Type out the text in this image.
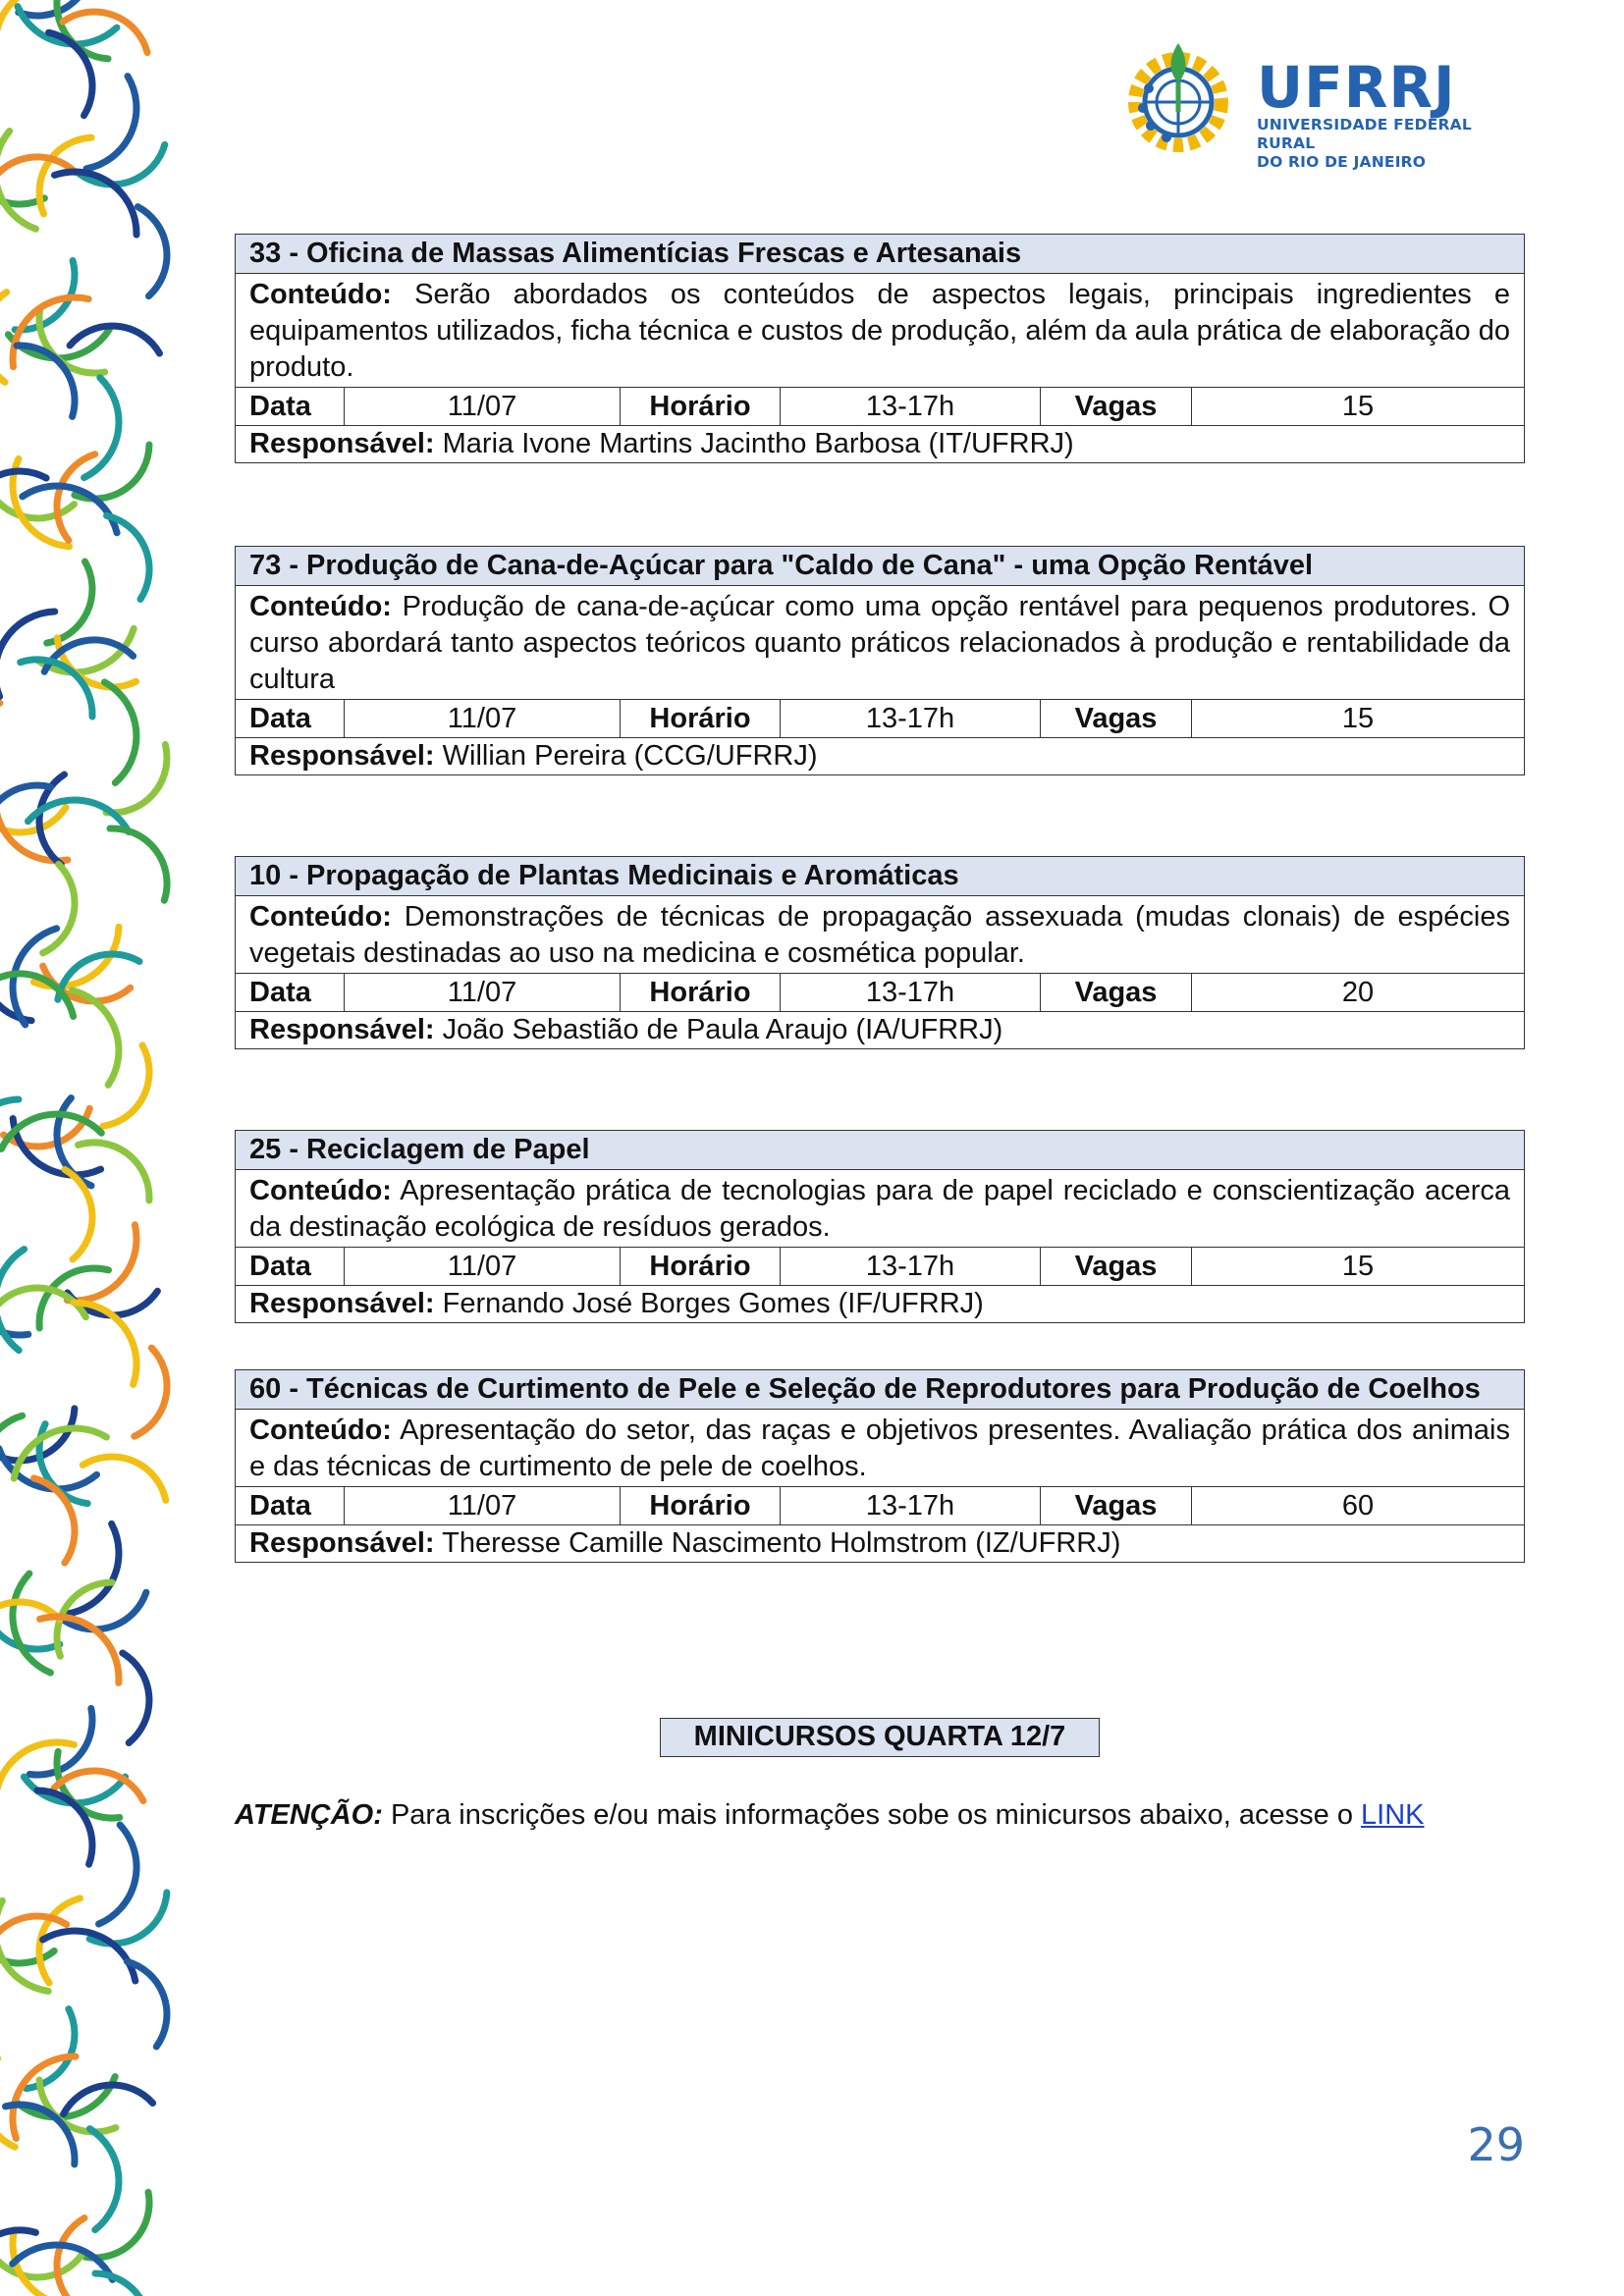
UFRRJ
UNIVERSIDADE FEDERAL RURAL
DO RIO DE JANEIRO
33 - Oficina de Massas Alimentícias Frescas e Artesanais
Conteúdo: Serão abordados os conteúdos de aspectos legais, principais ingredientes e equipamentos utilizados, ficha técnica e custos de produção, além da aula prática de elaboração do produto.
Data	11/07	Horário	13-17h	Vagas	15
Responsável: Maria Ivone Martins Jacintho Barbosa (IT/UFRRJ)
73 - Produção de Cana-de-Açúcar para "Caldo de Cana" - uma Opção Rentável
Conteúdo: Produção de cana-de-açúcar como uma opção rentável para pequenos produtores. O curso abordará tanto aspectos teóricos quanto práticos relacionados à produção e rentabilidade da cultura
Data	11/07	Horário	13-17h	Vagas	15
Responsável: Willian Pereira (CCG/UFRRJ)
10 - Propagação de Plantas Medicinais e Aromáticas
Conteúdo: Demonstrações de técnicas de propagação assexuada (mudas clonais) de espécies vegetais destinadas ao uso na medicina e cosmética popular.
Data	11/07	Horário	13-17h	Vagas	20
Responsável: João Sebastião de Paula Araujo (IA/UFRRJ)
25 - Reciclagem de Papel
Conteúdo: Apresentação prática de tecnologias para de papel reciclado e conscientização acerca da destinação ecológica de resíduos gerados.
Data	11/07	Horário	13-17h	Vagas	15
Responsável: Fernando José Borges Gomes (IF/UFRRJ)
60 - Técnicas de Curtimento de Pele e Seleção de Reprodutores para Produção de Coelhos
Conteúdo: Apresentação do setor, das raças e objetivos presentes. Avaliação prática dos animais e das técnicas de curtimento de pele de coelhos.
Data	11/07	Horário	13-17h	Vagas	60
Responsável: Theresse Camille Nascimento Holmstrom (IZ/UFRRJ)
MINICURSOS QUARTA 12/7
ATENÇÃO: Para inscrições e/ou mais informações sobe os minicursos abaixo, acesse o LINK
29
